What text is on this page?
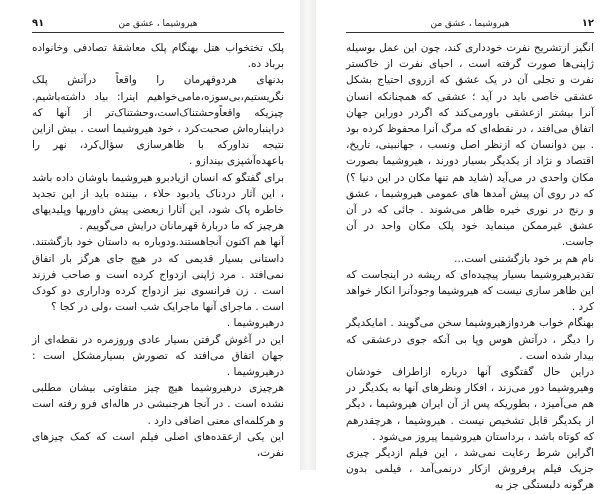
۹۱	هیروشیما ، عشق من

پلک تختخواب هتل بهنگام پلک معاشقهٔ تصادفی وخانواده برباد ده.

بدنهای هردوقهرمان را واقعاً درآتش پلک نگریستیم،بی‌سوزه،ما‌می‌خواهیم اینرا: بیاد داشته‌باشیم. چیزیکه واقعاًوحشتناک‌است،وحشتناک‌تر از آنها که دراینباره‌اش صحبت‌کرد ، خود هیروشیما است . بیش ازاین نتیجه نداورکه با ظاهرسازی سؤال‌کرد، نهر را باعهده‌آشپزی بیندازو .

برای گفتگو که انسان ازیادبرو هیروشیما باوشان داده باشد ، این آثار دردناک یادبود حلاء ، بیننده باید از این تجدید خاطره پاک شود، این آثارا زبعضی پیش داوریها وپلیدیهای هرچیز که ما دربارهٔ قهرمانان درایش می‌گوییم .

آنها هم اکنون آنجاهستند.ودوباره به داستان خود بازگشتند. داستانی بسیار قدیمی که در هیچ جای هرگز بار اتفاق نمی‌افتد . مرد ژاپنی ازدواج کرده است و صاحب فرزند است . زن فرانسوی نیز ازدواج کرده وداراری دو کودک است . ماجرای آنها ماجرایک شب است ،ولی در کجا ؟

درهیروشیما .

این در آغوش گرفتن بسیار عادی وروزمره در نقطه‌ای از جهان اتفاق می‌افتد که تصورش بسیارمشکل است : درهیروشیما .

هرچیزی درهیروشیما هیچ چیز متفاوتی بیشان مطلبی نشده است . در آنجا هرجنبشی در هاله‌ای فرو رفته است و هرکلمه‌ای معنی اضافی دارد .

این یکی ازعقده‌های اصلی فیلم است که کمک چیزهای نفرت،

هیروشیما ، عشق من	۱۲

انگیز ازتشریح نفرت خودداری کند، چون این عمل بوسیله ژاپنی‌ها صورت گرفته است ، احیای نفرت از خاکستر نفرت و تجلی آن در یک عشق که ازروی احتیاج بشکل عشقی خاصی باید در آید ؛ عشقی که همچنانکه انسان آنرا بیشتر ازعشقی باورمی‌کند که اگردر دوراین جهان اتفاق می‌افتد ، در نقطه‌ای که مرگ آنرا محفوظ کرده بود . بین دوانسان که ازنظر اصل ونسب ، جهانبینی، تاریخ، اقتصاد و نژاد از یکدیگر بسیار دورند ، هیروشیما بصورت مکان واحدی در می‌آید (شاید هم تنها مکان در این دنیا ؟) که در روی آن پیش آمدها های عمومی هیروشیما ، عشق و رنج در نوری خیره ظاهر می‌شوند . جائی که در آن عشق غیرممکن مینماید خود پلک مکان واحد در آن جاست.

نام هم بر خود بازگشتنی است...

تقدیرهیروشیما بسیار پیچیده‌ای که ریشه در اینجاست که این ظاهر سازی نیست که هیروشیما وجودآنرا انکار خواهد کرد .

بهنگام خواب هردوازهیروشیما سخن می‌گویند . امایکدیگر را دیگر ، درآتش هوس وپا بی آنکه جوی درعشقی که بیدار شده است .

دراین حال گفتگوی آنها درباره ازاطراف خودشان وهیروشیما دور می‌زند ، افکار ونظرهای آنها به یکدیگر در هم می‌آمیزد ، بطوریکه پس از آن ایران هیروشیما ، دیگر از یکدیگر قابل تشخیص نیست . هیروشیما ، هرچقدرهم که کوتاه باشد ، برداستان هیروشیما پیروز می‌شود .

اگراین شرط رعایت نمی‌شد ، این فیلم ازدیگر چیزی جزیک فیلم پرفروش ازکار درنمی‌آمد ، فیلمی بدون هرگونه دلبستگی جز به
